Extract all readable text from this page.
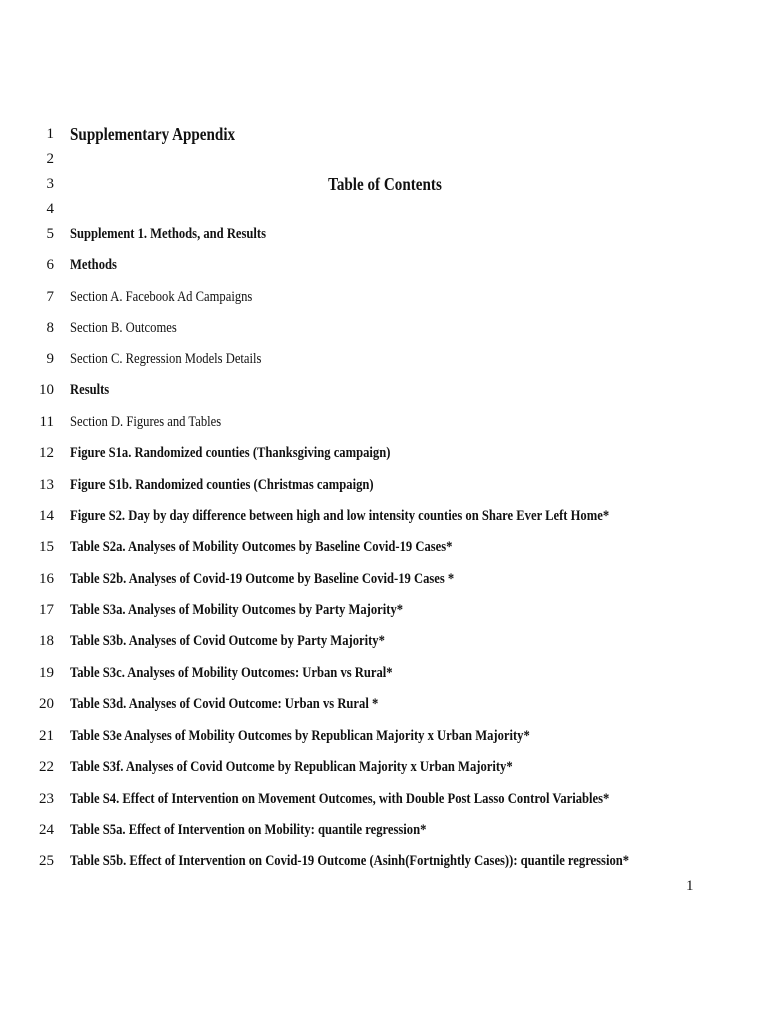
1 Supplementary Appendix
2
3	Table of Contents
4
5 Supplement 1. Methods, and Results
6 Methods
7 Section A. Facebook Ad Campaigns
8 Section B. Outcomes
9 Section C. Regression Models Details
10 Results
11 Section D. Figures and Tables
12 Figure S1a. Randomized counties (Thanksgiving campaign)
13 Figure S1b. Randomized counties (Christmas campaign)
14 Figure S2. Day by day difference between high and low intensity counties on Share Ever Left Home*
15 Table S2a. Analyses of Mobility Outcomes by Baseline Covid-19 Cases*
16 Table S2b. Analyses of Covid-19 Outcome by Baseline Covid-19 Cases *
17 Table S3a. Analyses of Mobility Outcomes by Party Majority*
18 Table S3b. Analyses of Covid Outcome by Party Majority*
19 Table S3c. Analyses of Mobility Outcomes: Urban vs Rural*
20 Table S3d. Analyses of Covid Outcome: Urban vs Rural *
21 Table S3e Analyses of Mobility Outcomes by Republican Majority x Urban Majority*
22 Table S3f. Analyses of Covid Outcome by Republican Majority x Urban Majority*
23 Table S4. Effect of Intervention on Movement Outcomes, with Double Post Lasso Control Variables*
24 Table S5a. Effect of Intervention on Mobility: quantile regression*
25 Table S5b. Effect of Intervention on Covid-19 Outcome (Asinh(Fortnightly Cases)): quantile regression*
1
